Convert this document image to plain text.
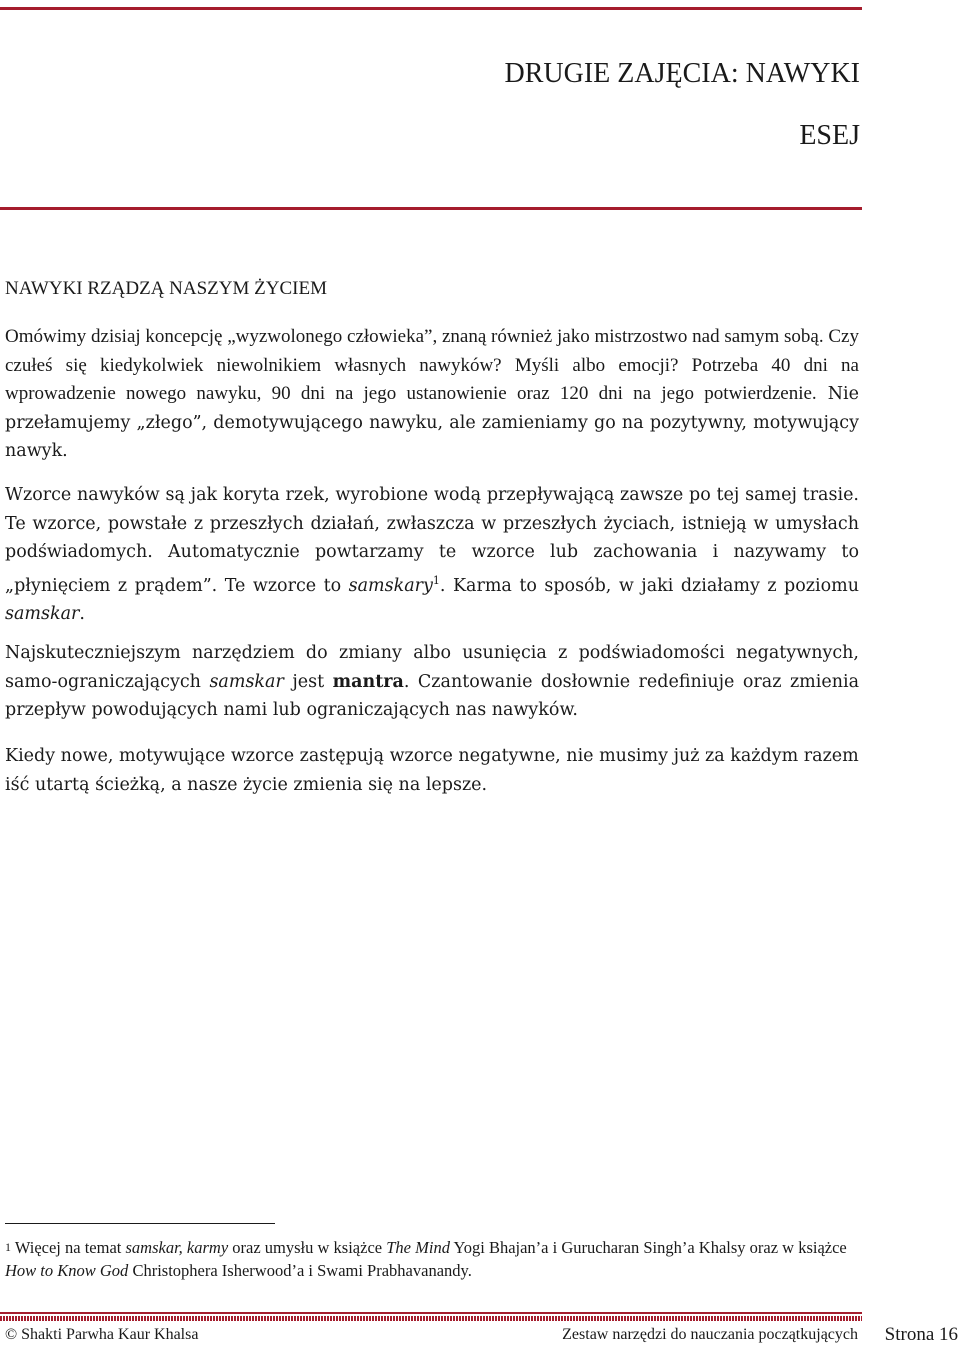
DRUGIE ZAJĘCIA: NAWYKI
ESEJ
NAWYKI RZĄDZĄ NASZYM ŻYCIEM

Omówimy dzisiaj koncepcję „wyzwolonego człowieka”, znaną również jako mistrzostwo nad samym sobą. Czy czułeś się kiedykolwiek niewolnikiem własnych nawyków? Myśli albo emocji? Potrzeba 40 dni na wprowadzenie nowego nawyku, 90 dni na jego ustanowienie oraz 120 dni na jego potwierdzenie. Nie przełamujemy „złego”, demotywującego nawyku, ale zamieniamy go na pozytywny, motywujący nawyk.

Wzorce nawyków są jak koryta rzek, wyrobione wodą przepływającą zawsze po tej samej trasie. Te wzorce, powstałe z przeszłych działań, zwłaszcza w przeszłych życiach, istnieją w umysłach podświadomych. Automatycznie powtarzamy te wzorce lub zachowania i nazywamy to „płynięciem z prądem”. Te wzorce to samskary$^1$. Karma to sposób, w jaki działamy z poziomu samskar.

Najskuteczniejszym narzędziem do zmiany albo usunięcia z podświadomości negatywnych, samo-ograniczających samskar jest mantra. Czantowanie dosłownie redefiniuje oraz zmienia przepływ powodujących nami lub ograniczających nas nawyków.

Kiedy nowe, motywujące wzorce zastępują wzorce negatywne, nie musimy już za każdym razem iść utartą ścieżką, a nasze życie zmienia się na lepsze.

$^1$ Więcej na temat samskar, karmy oraz umysłu w książce The Mind Yogi Bhajan’a i Gurucharan Singh’a Khalsy oraz w książce How to Know God Christophera Isherwood’a i Swami Prabhavanandy.

© Shakti Parwha Kaur Khalsa	Zestaw narzędzi do nauczania początkujących Strona 16
